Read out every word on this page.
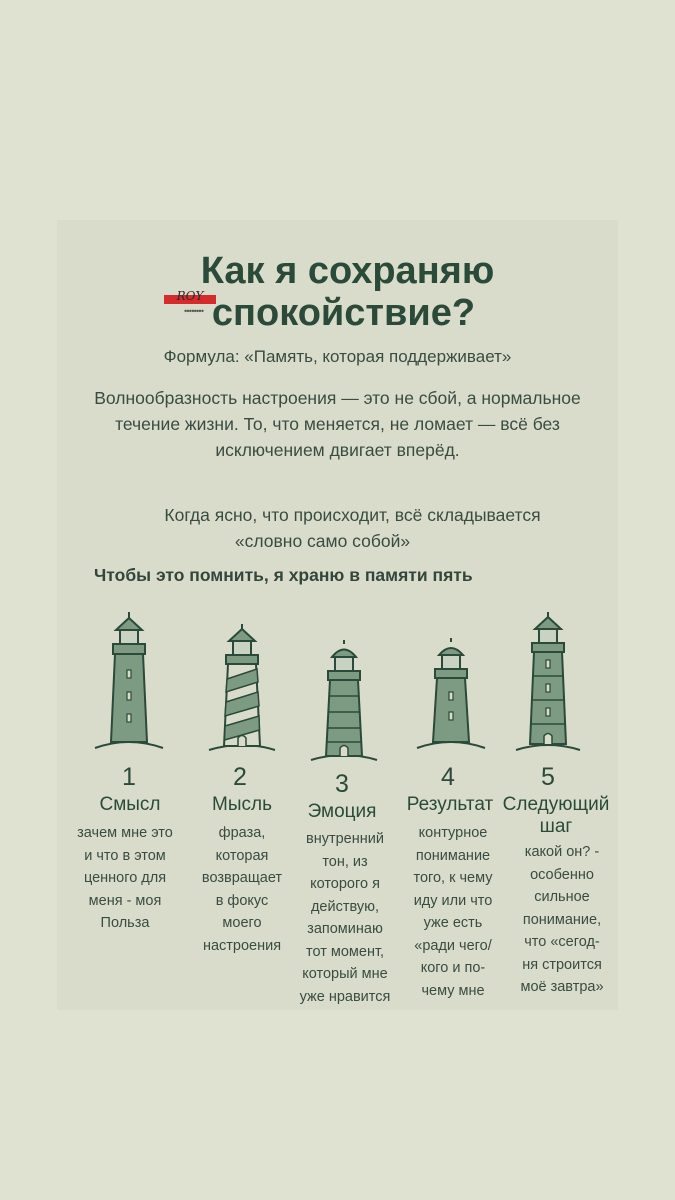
ROY
●●●●●●●●
Как я сохраняю
спокойствие?
Формула: «Память, которая поддерживает»

Волнообразность настроения — это не сбой, а нормальное течение жизни. То, что меняется, не ломает — всё без исключением двигает вперёд.

Когда ясно, что происходит, всё складывается
«словно само собой»

Чтобы это помнить, я храню в памяти пять
1
Смысл
зачем мне это
и что в этом
ценного для
меня - моя
Польза
2
Мысль
фраза,
которая
возвращает
в фокус
моего
настроения
3
Эмоция
внутренний
тон, из
которого я
действую,
запоминаю
тот момент,
который мне
уже нравится
4
Результат
контурное
понимание
того, к чему
иду или что
уже есть
«ради чего/
кого и по-
чему мне
5
Следующий
шаг
какой он? -
особенно
сильное
понимание,
что «сегод-
ня строится
моё завтра»
